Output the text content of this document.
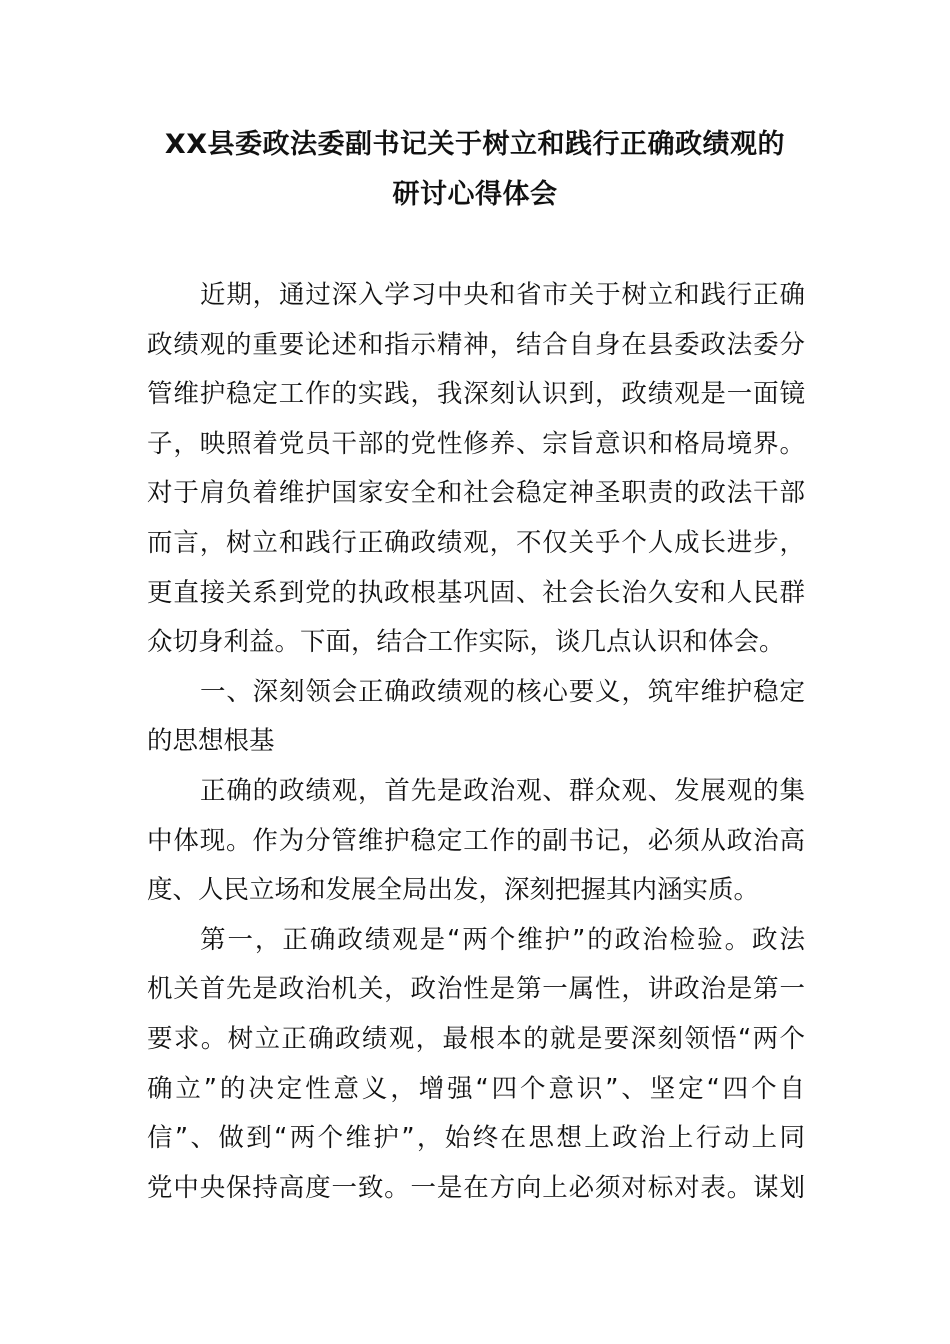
XX县委政法委副书记关于树立和践行正确政绩观的
研讨心得体会
近期，通过深入学习中央和省市关于树立和践行正确
政绩观的重要论述和指示精神，结合自身在县委政法委分
管维护稳定工作的实践，我深刻认识到，政绩观是一面镜
子，映照着党员干部的党性修养、宗旨意识和格局境界。
对于肩负着维护国家安全和社会稳定神圣职责的政法干部
而言，树立和践行正确政绩观，不仅关乎个人成长进步，
更直接关系到党的执政根基巩固、社会长治久安和人民群
众切身利益。下面，结合工作实际，谈几点认识和体会。
一、深刻领会正确政绩观的核心要义，筑牢维护稳定
的思想根基
正确的政绩观，首先是政治观、群众观、发展观的集
中体现。作为分管维护稳定工作的副书记，必须从政治高
度、人民立场和发展全局出发，深刻把握其内涵实质。
第一，正确政绩观是“两个维护”的政治检验。政法
机关首先是政治机关，政治性是第一属性，讲政治是第一
要求。树立正确政绩观，最根本的就是要深刻领悟“两个
确立”的决定性意义，增强“四个意识”、坚定“四个自
信”、做到“两个维护”，始终在思想上政治上行动上同
党中央保持高度一致。一是在方向上必须对标对表。谋划
